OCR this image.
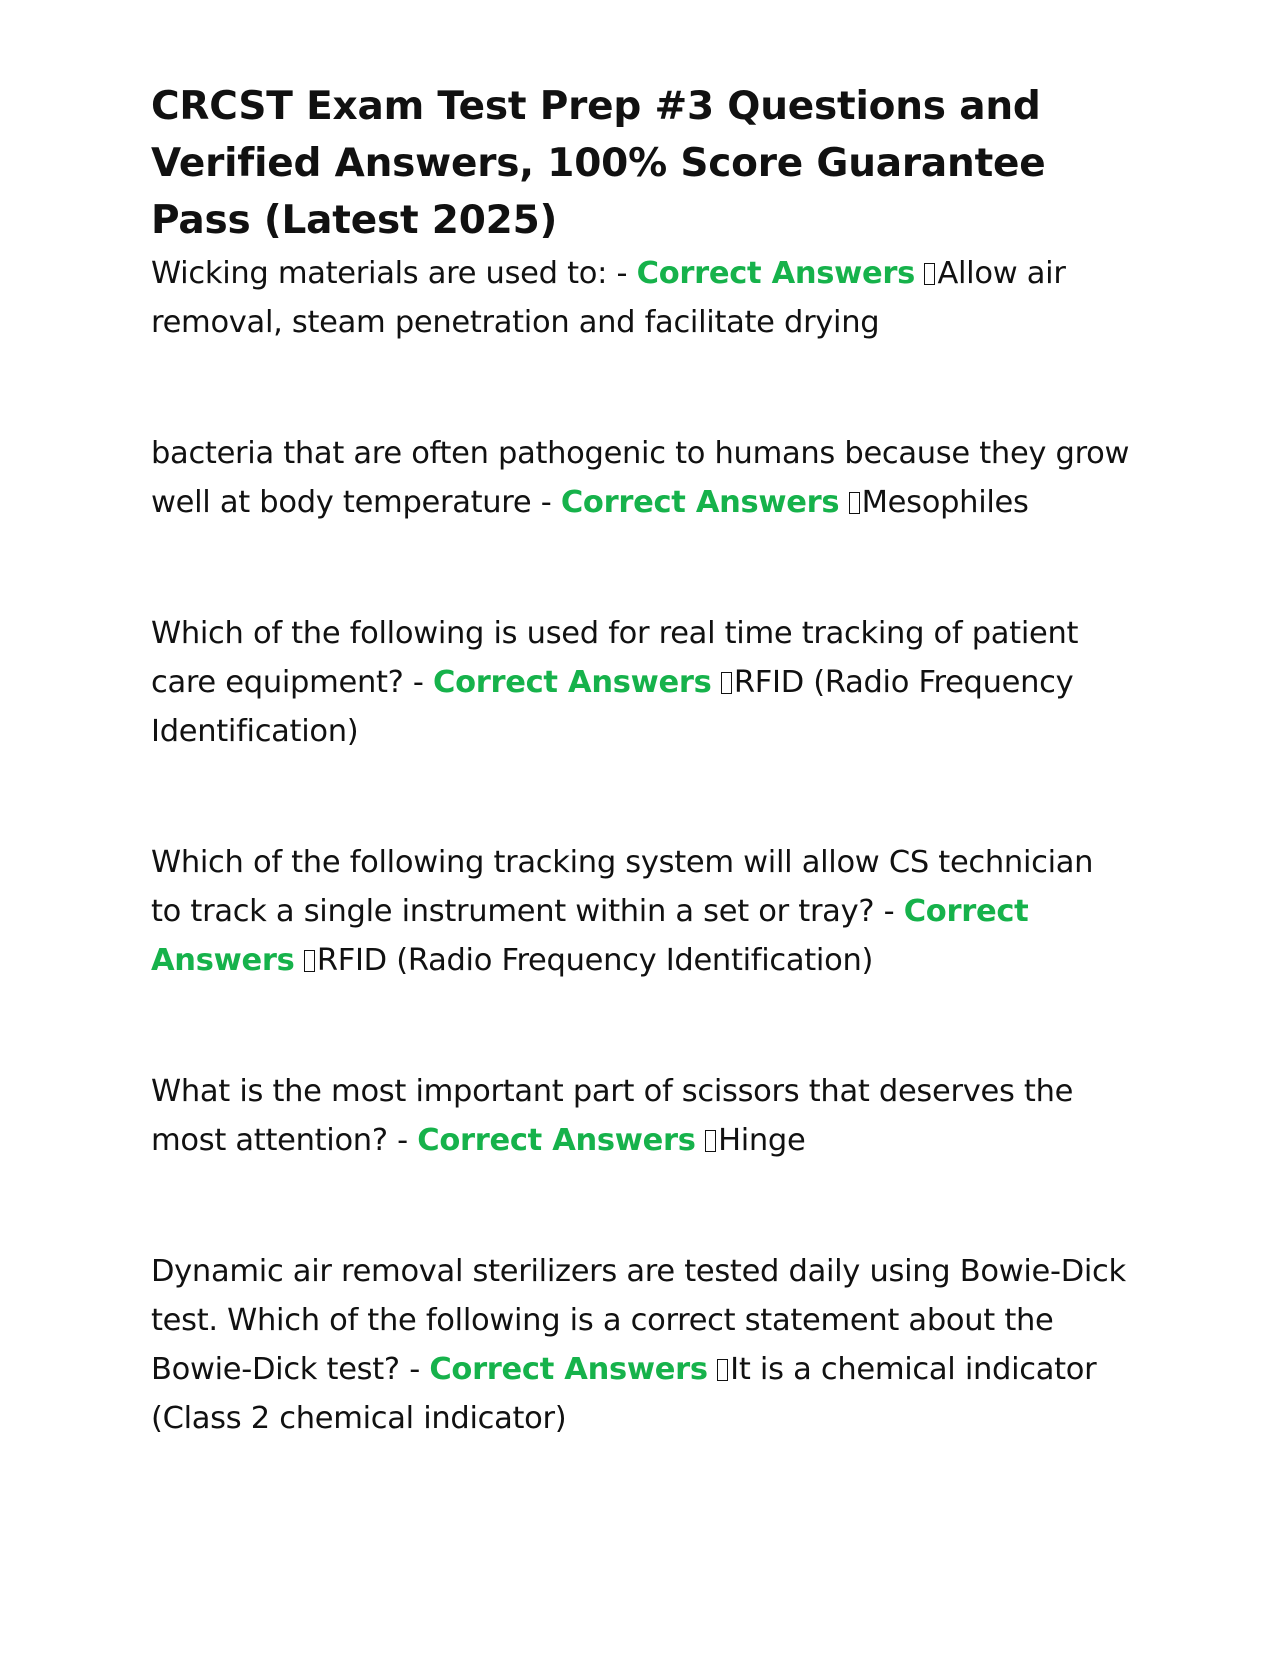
CRCST Exam Test Prep #3 Questions and Verified Answers, 100% Score Guarantee Pass (Latest 2025)

Wicking materials are used to: - Correct Answers Allow air removal, steam penetration and facilitate drying

bacteria that are often pathogenic to humans because they grow well at body temperature - Correct Answers Mesophiles

Which of the following is used for real time tracking of patient care equipment? - Correct Answers RFID (Radio Frequency Identification)

Which of the following tracking system will allow CS technician to track a single instrument within a set or tray? - Correct Answers RFID (Radio Frequency Identification)

What is the most important part of scissors that deserves the most attention? - Correct Answers Hinge

Dynamic air removal sterilizers are tested daily using Bowie-Dick test. Which of the following is a correct statement about the Bowie-Dick test? - Correct Answers It is a chemical indicator (Class 2 chemical indicator)
